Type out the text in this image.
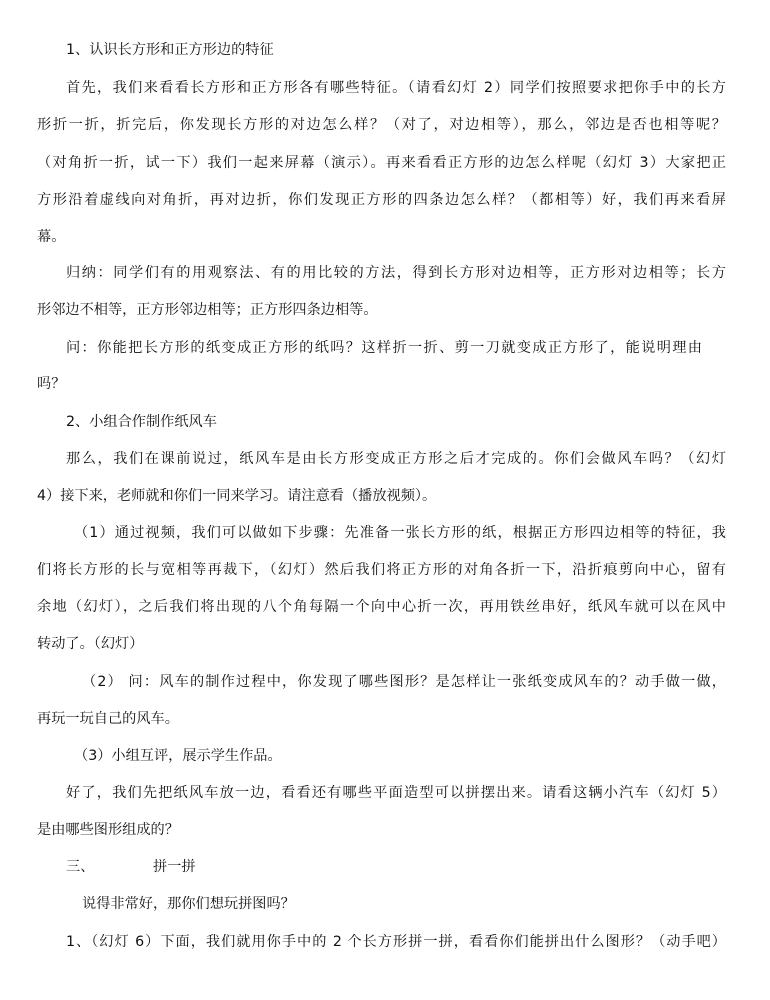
1、认识长方形和正方形边的特征

首先，我们来看看长方形和正方形各有哪些特征。（请看幻灯 2）同学们按照要求把你手中的长方

形折一折，折完后，你发现长方形的对边怎么样？（对了，对边相等），那么，邻边是否也相等呢？

（对角折一折，试一下）我们一起来屏幕（演示）。再来看看正方形的边怎么样呢（幻灯 3）大家把正

方形沿着虚线向对角折，再对边折，你们发现正方形的四条边怎么样？（都相等）好，我们再来看屏

幕。

归纳：同学们有的用观察法、有的用比较的方法，得到长方形对边相等，正方形对边相等；长方

形邻边不相等，正方形邻边相等；正方形四条边相等。

问：你能把长方形的纸变成正方形的纸吗？这样折一折、剪一刀就变成正方形了，能说明理由

吗？

2、小组合作制作纸风车

那么，我们在课前说过，纸风车是由长方形变成正方形之后才完成的。你们会做风车吗？（幻灯

4）接下来，老师就和你们一同来学习。请注意看（播放视频）。

（1）通过视频，我们可以做如下步骤：先准备一张长方形的纸，根据正方形四边相等的特征，我

们将长方形的长与宽相等再裁下，（幻灯）然后我们将正方形的对角各折一下，沿折痕剪向中心，留有

余地（幻灯），之后我们将出现的八个角每隔一个向中心折一次，再用铁丝串好，纸风车就可以在风中

转动了。（幻灯）

（2） 问：风车的制作过程中，你发现了哪些图形？是怎样让一张纸变成风车的？动手做一做，

再玩一玩自己的风车。

（3）小组互评，展示学生作品。

好了，我们先把纸风车放一边，看看还有哪些平面造型可以拼摆出来。请看这辆小汽车（幻灯 5）

是由哪些图形组成的？

三、             拼一拼

说得非常好，那你们想玩拼图吗？

1、（幻灯 6）下面，我们就用你手中的 2 个长方形拼一拼，看看你们能拼出什么图形？（动手吧）
